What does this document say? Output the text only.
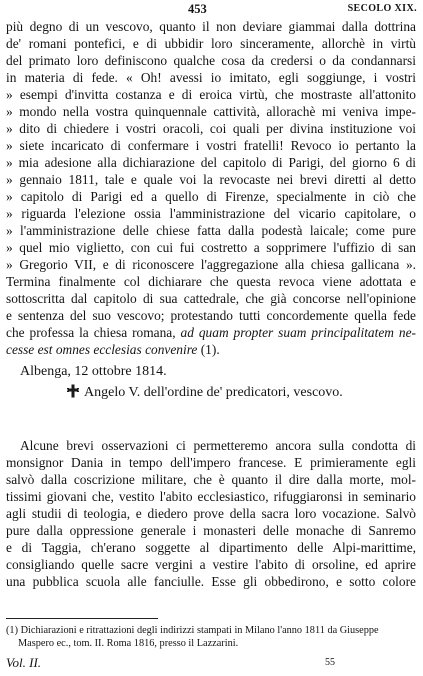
453	SECOLO XIX.
più degno di un vescovo, quanto il non deviare giammai dalla dottrina
de' romani pontefici, e di ubbidir loro sinceramente, allorchè in virtù
del primato loro definiscono qualche cosa da credersi o da condannarsi
in materia di fede. « Oh! avessi io imitato, egli soggiunge, i vostri
» esempi d'invitta costanza e di eroica virtù, che mostraste all'attonito
» mondo nella vostra quinquennale cattività, allorachè mi veniva impe-
» dito di chiedere i vostri oracoli, coi quali per divina instituzione voi
» siete incaricato di confermare i vostri fratelli! Revoco io pertanto la
» mia adesione alla dichiarazione del capitolo di Parigi, del giorno 6 di
» gennaio 1811, tale e quale voi la revocaste nei brevi diretti al detto
» capitolo di Parigi ed a quello di Firenze, specialmente in ciò che
» riguarda l'elezione ossia l'amministrazione del vicario capitolare, o
» l'amministrazione delle chiese fatta dalla podestà laicale; come pure
» quel mio viglietto, con cui fui costretto a sopprimere l'uffizio di san
» Gregorio VII, e di riconoscere l'aggregazione alla chiesa gallicana ».
Termina finalmente col dichiarare che questa revoca viene adottata e
sottoscritta dal capitolo di sua cattedrale, che già concorse nell'opinione
e sentenza del suo vescovo; protestando tutti concordemente quella fede
che professa la chiesa romana, ad quam propter suam principalitatem ne-
cesse est omnes ecclesias convenire (1).
Albenga, 12 ottobre 1814.
Angelo V. dell'ordine de' predicatori, vescovo.
Alcune brevi osservazioni ci permetteremo ancora sulla condotta di
monsignor Dania in tempo dell'impero francese. E primieramente egli
salvò dalla coscrizione militare, che è quanto il dire dalla morte, mol-
tissimi giovani che, vestito l'abito ecclesiastico, rifuggiaronsi in seminario
agli studii di teologia, e diedero prove della sacra loro vocazione. Salvò
pure dalla oppressione generale i monasteri delle monache di Sanremo
e di Taggia, ch'erano soggette al dipartimento delle Alpi-marittime,
consigliando quelle sacre vergini a vestire l'abito di orsoline, ed aprire
una pubblica scuola alle fanciulle. Esse gli obbedirono, e sotto colore
(1) Dichiarazioni e ritrattazioni degli indirizzi stampati in Milano l'anno 1811 da Giuseppe
Maspero ec., tom. II. Roma 1816, presso il Lazzarini.
Vol. II.	55
